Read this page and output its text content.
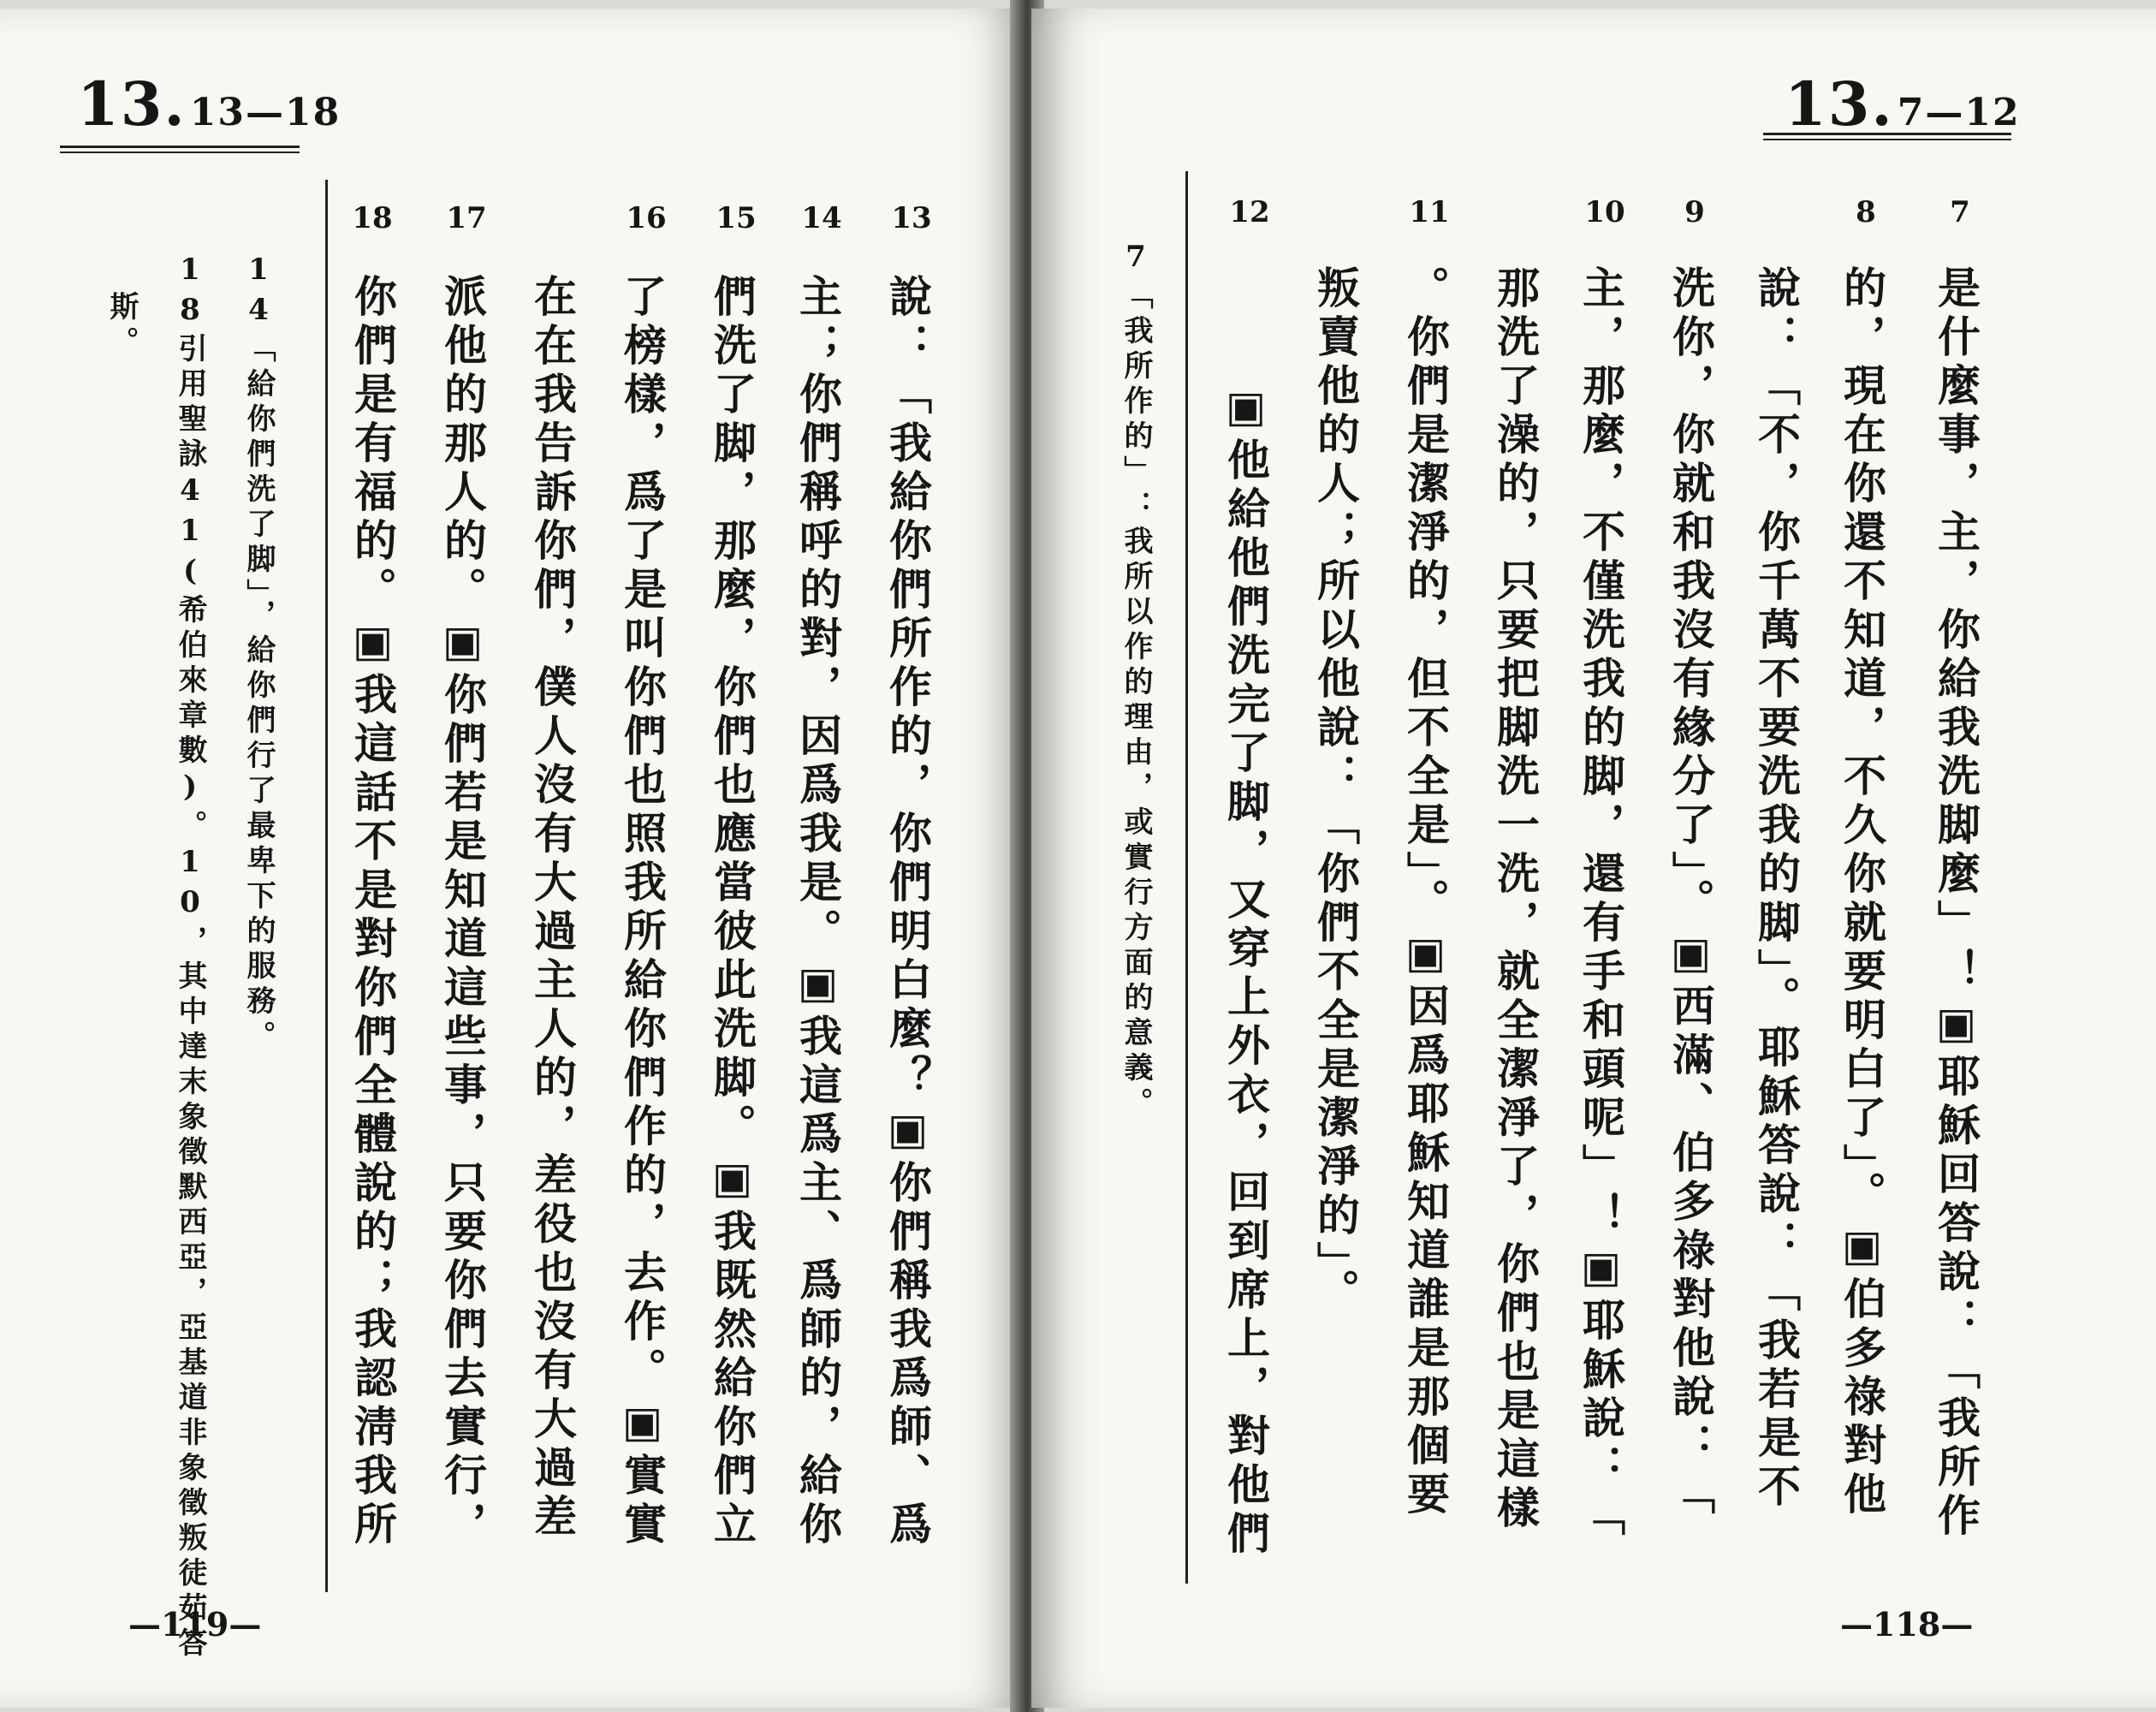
13.13—18
13
說：「我給你們所作的，你們明白麼？▣你們稱我爲師、爲
14
主；你們稱呼的對，因爲我是。▣我這爲主、爲師的，給你
15
們洗了脚，那麼，你們也應當彼此洗脚。▣我既然給你們立
16
了榜樣，爲了是叫你們也照我所給你們作的，去作。▣實實
在在我告訴你們，僕人沒有大過主人的，差役也沒有大過差
17
派他的那人的。▣你們若是知道這些事，只要你們去實行，
18
你們是有福的。▣我這話不是對你們全體說的；我認淸我所
14「給你們洗了脚」，給你們行了最卑下的服務。
18引用聖詠41(希伯來章數)。10，其中達末象徵默西亞，亞基道非象徵叛徒茹答
斯。
—119—
13.7—12
7
是什麼事，主，你給我洗脚麼」！▣耶穌回答說：「我所作
8
的，現在你還不知道，不久你就要明白了」。▣伯多祿對他
說：「不，你千萬不要洗我的脚」。耶穌答說：「我若是不
9
洗你，你就和我沒有緣分了」。▣西滿、伯多祿對他說：「
10
主，那麼，不僅洗我的脚，還有手和頭呢」！▣耶穌說：「
那洗了澡的，只要把脚洗一洗，就全潔淨了，你們也是這樣
11
。你們是潔淨的，但不全是」。▣因爲耶穌知道誰是那個要
叛賣他的人；所以他說：「你們不全是潔淨的」。
12
▣他給他們洗完了脚，又穿上外衣，回到席上，對他們
7「我所作的」：我所以作的理由，或實行方面的意義。
—118—
